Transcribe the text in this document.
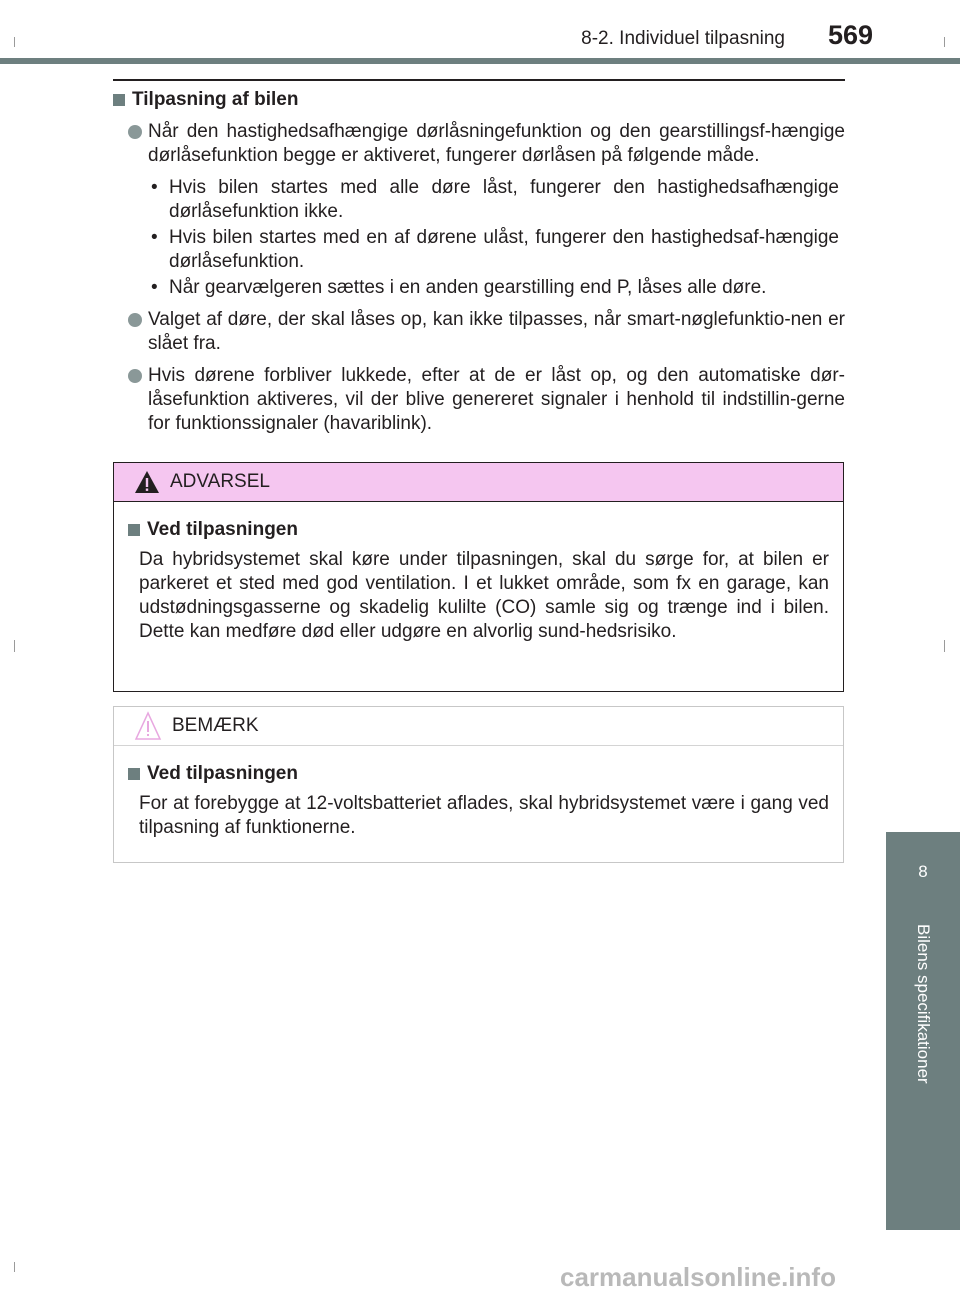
8-2. Individuel tilpasning 569
8
Bilens specifikationer
Tilpasning af bilen
Når den hastighedsafhængige dørlåsningefunktion og den gearstillingsf-hængige dørlåsefunktion begge er aktiveret, fungerer dørlåsen på følgende måde.
• Hvis bilen startes med alle døre låst, fungerer den hastighedsafhængige dørlåsefunktion ikke.
• Hvis bilen startes med en af dørene ulåst, fungerer den hastighedsaf-hængige dørlåsefunktion.
• Når gearvælgeren sættes i en anden gearstilling end P, låses alle døre.
Valget af døre, der skal låses op, kan ikke tilpasses, når smart-nøglefunktio-nen er slået fra.
Hvis dørene forbliver lukkede, efter at de er låst op, og den automatiske dør-låsefunktion aktiveres, vil der blive genereret signaler i henhold til indstillin-gerne for funktionssignaler (havariblink).
ADVARSEL
Ved tilpasningen
Da hybridsystemet skal køre under tilpasningen, skal du sørge for, at bilen er parkeret et sted med god ventilation. I et lukket område, som fx en garage, kan udstødningsgasserne og skadelig kulilte (CO) samle sig og trænge ind i bilen. Dette kan medføre død eller udgøre en alvorlig sund-hedsrisiko.
BEMÆRK
Ved tilpasningen
For at forebygge at 12-voltsbatteriet aflades, skal hybridsystemet være i gang ved tilpasning af funktionerne.
carmanualsonline.info
